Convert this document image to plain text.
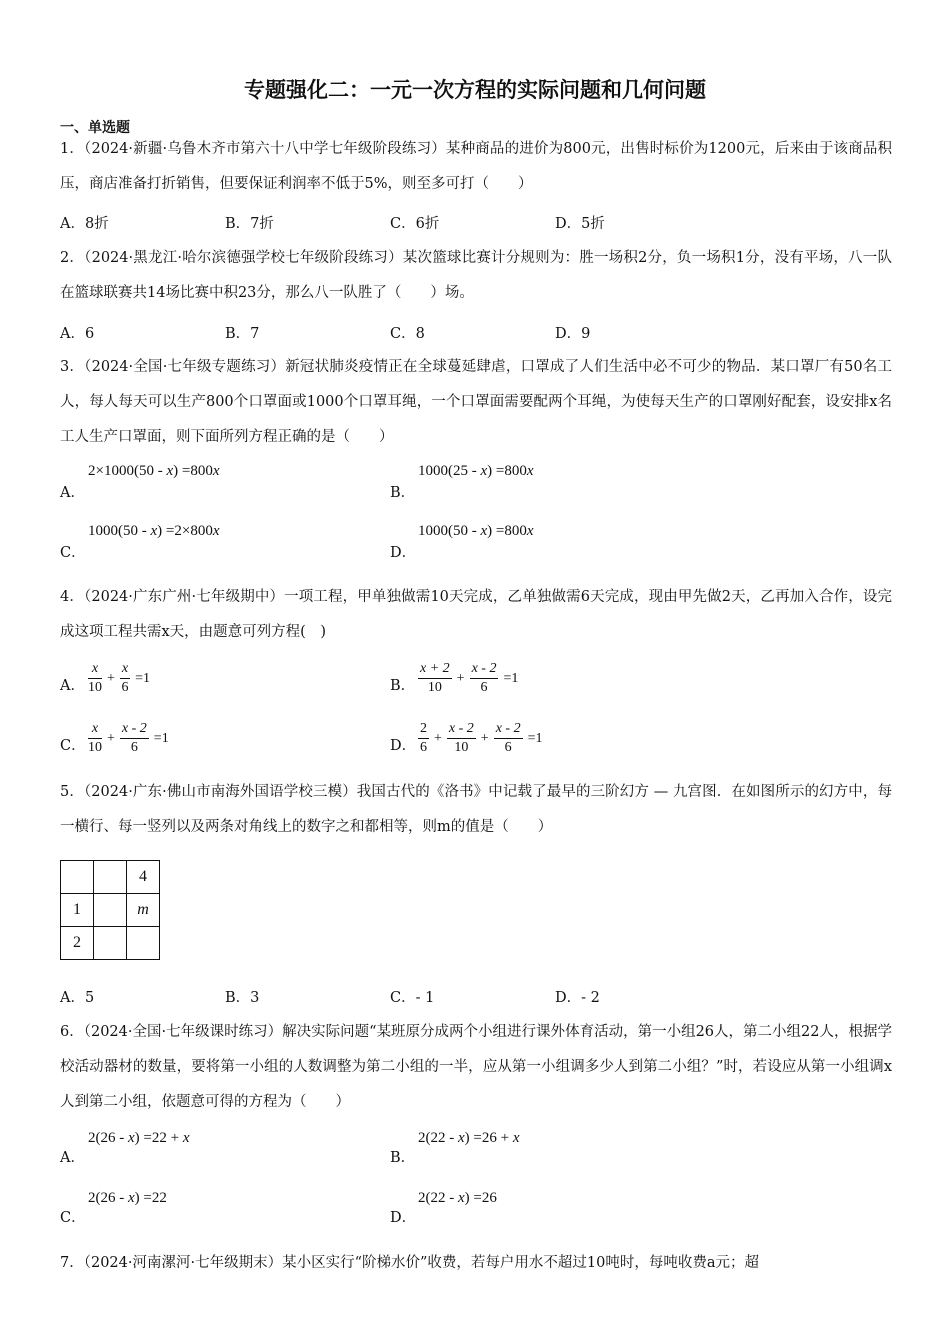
专题强化二：一元一次方程的实际问题和几何问题
一、单选题
1．（2024·新疆·乌鲁木齐市第六十八中学七年级阶段练习）某种商品的进价为800元，出售时标价为1200元，后来由于该商品积压，商店准备打折销售，但要保证利润率不低于5%，则至多可打（　　）
A．8折	B．7折	C．6折	D．5折
2．（2024·黑龙江·哈尔滨德强学校七年级阶段练习）某次篮球比赛计分规则为：胜一场积2分，负一场积1分，没有平场，八一队在篮球联赛共14场比赛中积23分，那么八一队胜了（　　）场。
A．6	B．7	C．8	D．9
3．（2024·全国·七年级专题练习）新冠状肺炎疫情正在全球蔓延肆虐，口罩成了人们生活中必不可少的物品．某口罩厂有50名工人，每人每天可以生产800个口罩面或1000个口罩耳绳，一个口罩面需要配两个耳绳，为使每天生产的口罩刚好配套，设安排x名工人生产口罩面，则下面所列方程正确的是（　　）
A．
2×1000(50 - x) =800x
B．
1000(25 - x) =800x
C．
1000(50 - x) =2×800x
D．
1000(50 - x) =800x
4．（2024·广东广州·七年级期中）一项工程，甲单独做需10天完成，乙单独做需6天完成，现由甲先做2天，乙再加入合作，设完成这项工程共需x天，由题意可列方程(　)
A． $\frac{x}{10} + \frac{x}{6} =1$	B． $\frac{x + 2}{10} + \frac{x - 2}{6} =1$
C． $\frac{x}{10} + \frac{x - 2}{6} =1$	D． $\frac{2}{6} + \frac{x - 2}{10} + \frac{x - 2}{6} =1$
5．（2024·广东·佛山市南海外国语学校三模）我国古代的《洛书》中记载了最早的三阶幻方 — 九宫图．在如图所示的幻方中，每一横行、每一竖列以及两条对角线上的数字之和都相等，则m的值是（　　）
		4
1		m
2		
A．5	B．3	C．- 1	D．- 2
6．（2024·全国·七年级课时练习）解决实际问题“某班原分成两个小组进行课外体育活动，第一小组26人，第二小组22人，根据学校活动器材的数量，要将第一小组的人数调整为第二小组的一半，应从第一小组调多少人到第二小组？”时，若设应从第一小组调x人到第二小组，依题意可得的方程为（　　）
A．
2(26 - x) =22 + x
B．
2(22 - x) =26 + x
C．
2(26 - x) =22
D．
2(22 - x) =26
7．（2024·河南漯河·七年级期末）某小区实行“阶梯水价”收费，若每户用水不超过10吨时，每吨收费a元；超
